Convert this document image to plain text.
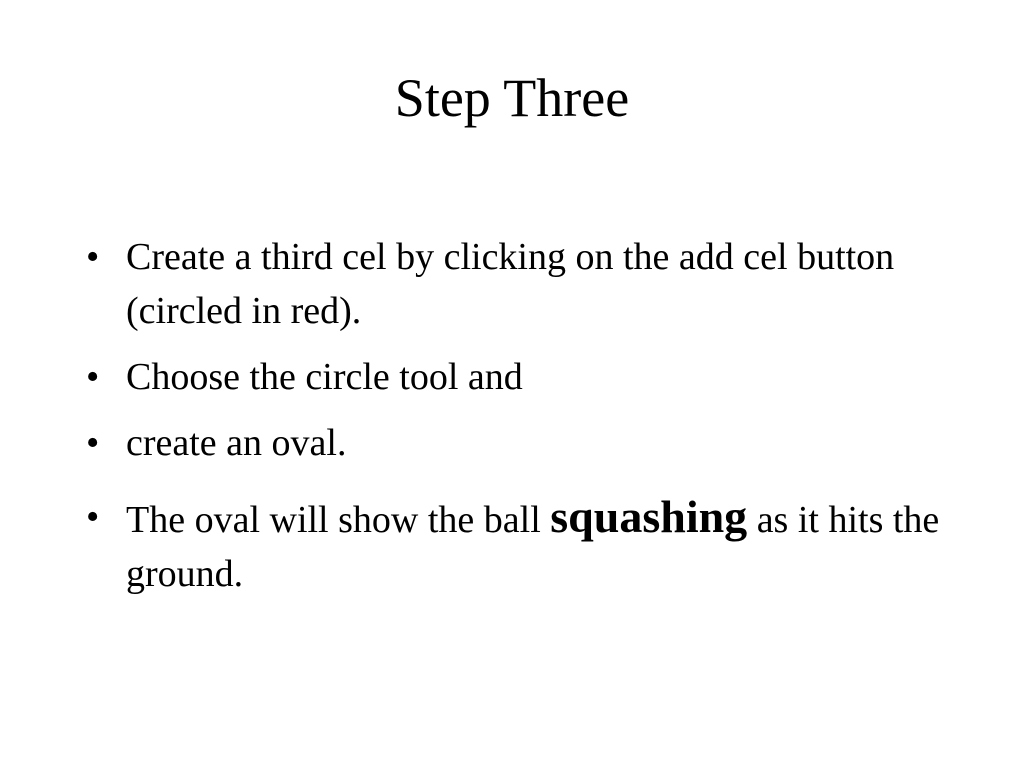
Step Three
• Create a third cel by clicking on the add cel button (circled in red).
• Choose the circle tool and
• create an oval.
• The oval will show the ball squashing as it hits the ground.
